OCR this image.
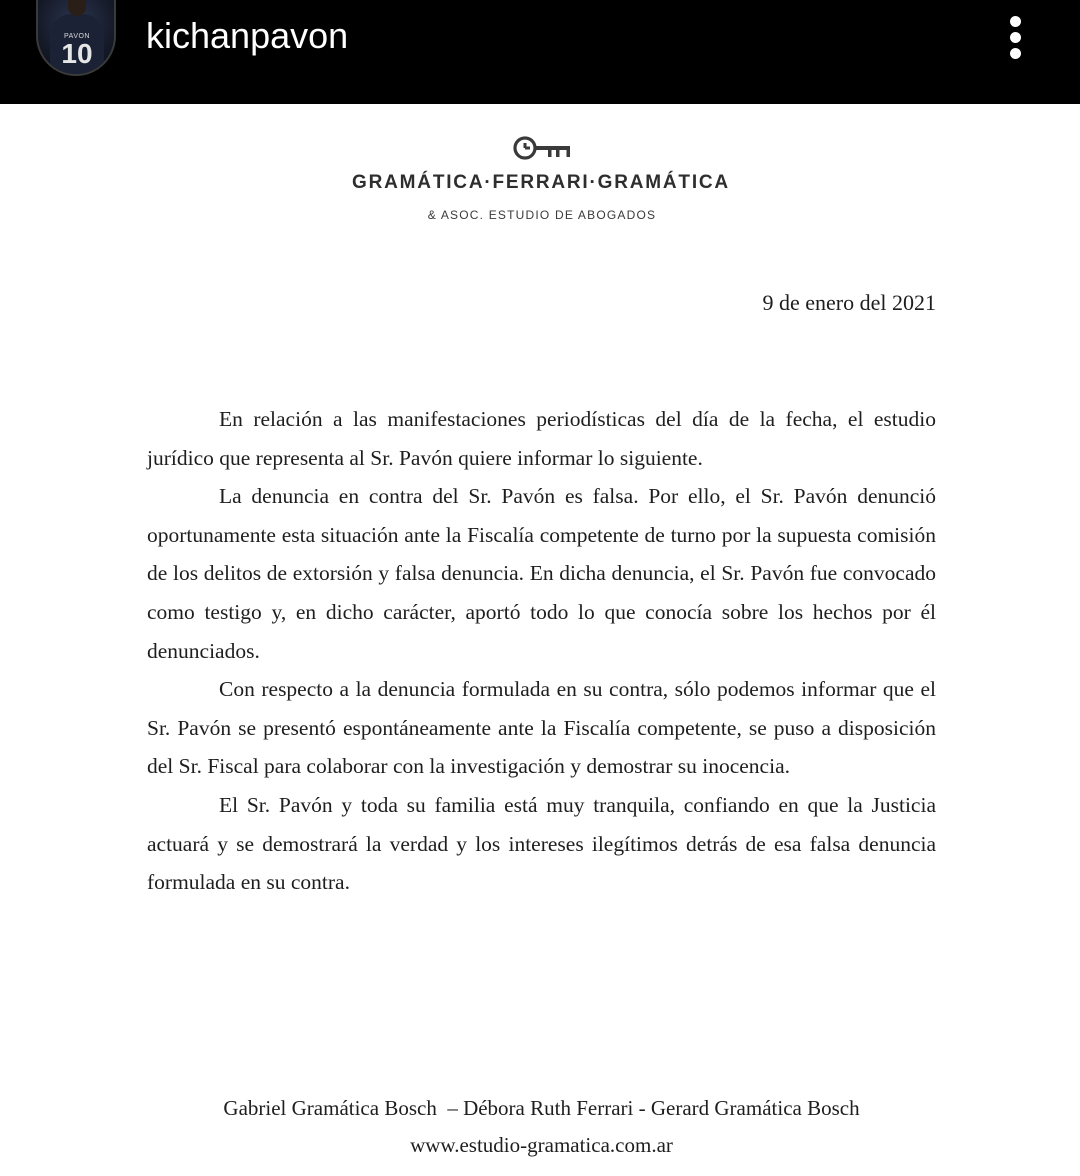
PAVON
10	kichanpavon
GRAMÁTICA·FERRARI·GRAMÁTICA
& ASOC. ESTUDIO DE ABOGADOS
9 de enero del 2021

En relación a las manifestaciones periodísticas del día de la fecha, el estudio jurídico que representa al Sr. Pavón quiere informar lo siguiente.

La denuncia en contra del Sr. Pavón es falsa. Por ello, el Sr. Pavón denunció oportunamente esta situación ante la Fiscalía competente de turno por la supuesta comisión de los delitos de extorsión y falsa denuncia. En dicha denuncia, el Sr. Pavón fue convocado como testigo y, en dicho carácter, aportó todo lo que conocía sobre los hechos por él denunciados.

Con respecto a la denuncia formulada en su contra, sólo podemos informar que el Sr. Pavón se presentó espontáneamente ante la Fiscalía competente, se puso a disposición del Sr. Fiscal para colaborar con la investigación y demostrar su inocencia.

El Sr. Pavón y toda su familia está muy tranquila, confiando en que la Justicia actuará y se demostrará la verdad y los intereses ilegítimos detrás de esa falsa denuncia formulada en su contra.

Gabriel Gramática Bosch  – Débora Ruth Ferrari - Gerard Gramática Bosch
www.estudio-gramatica.com.ar
